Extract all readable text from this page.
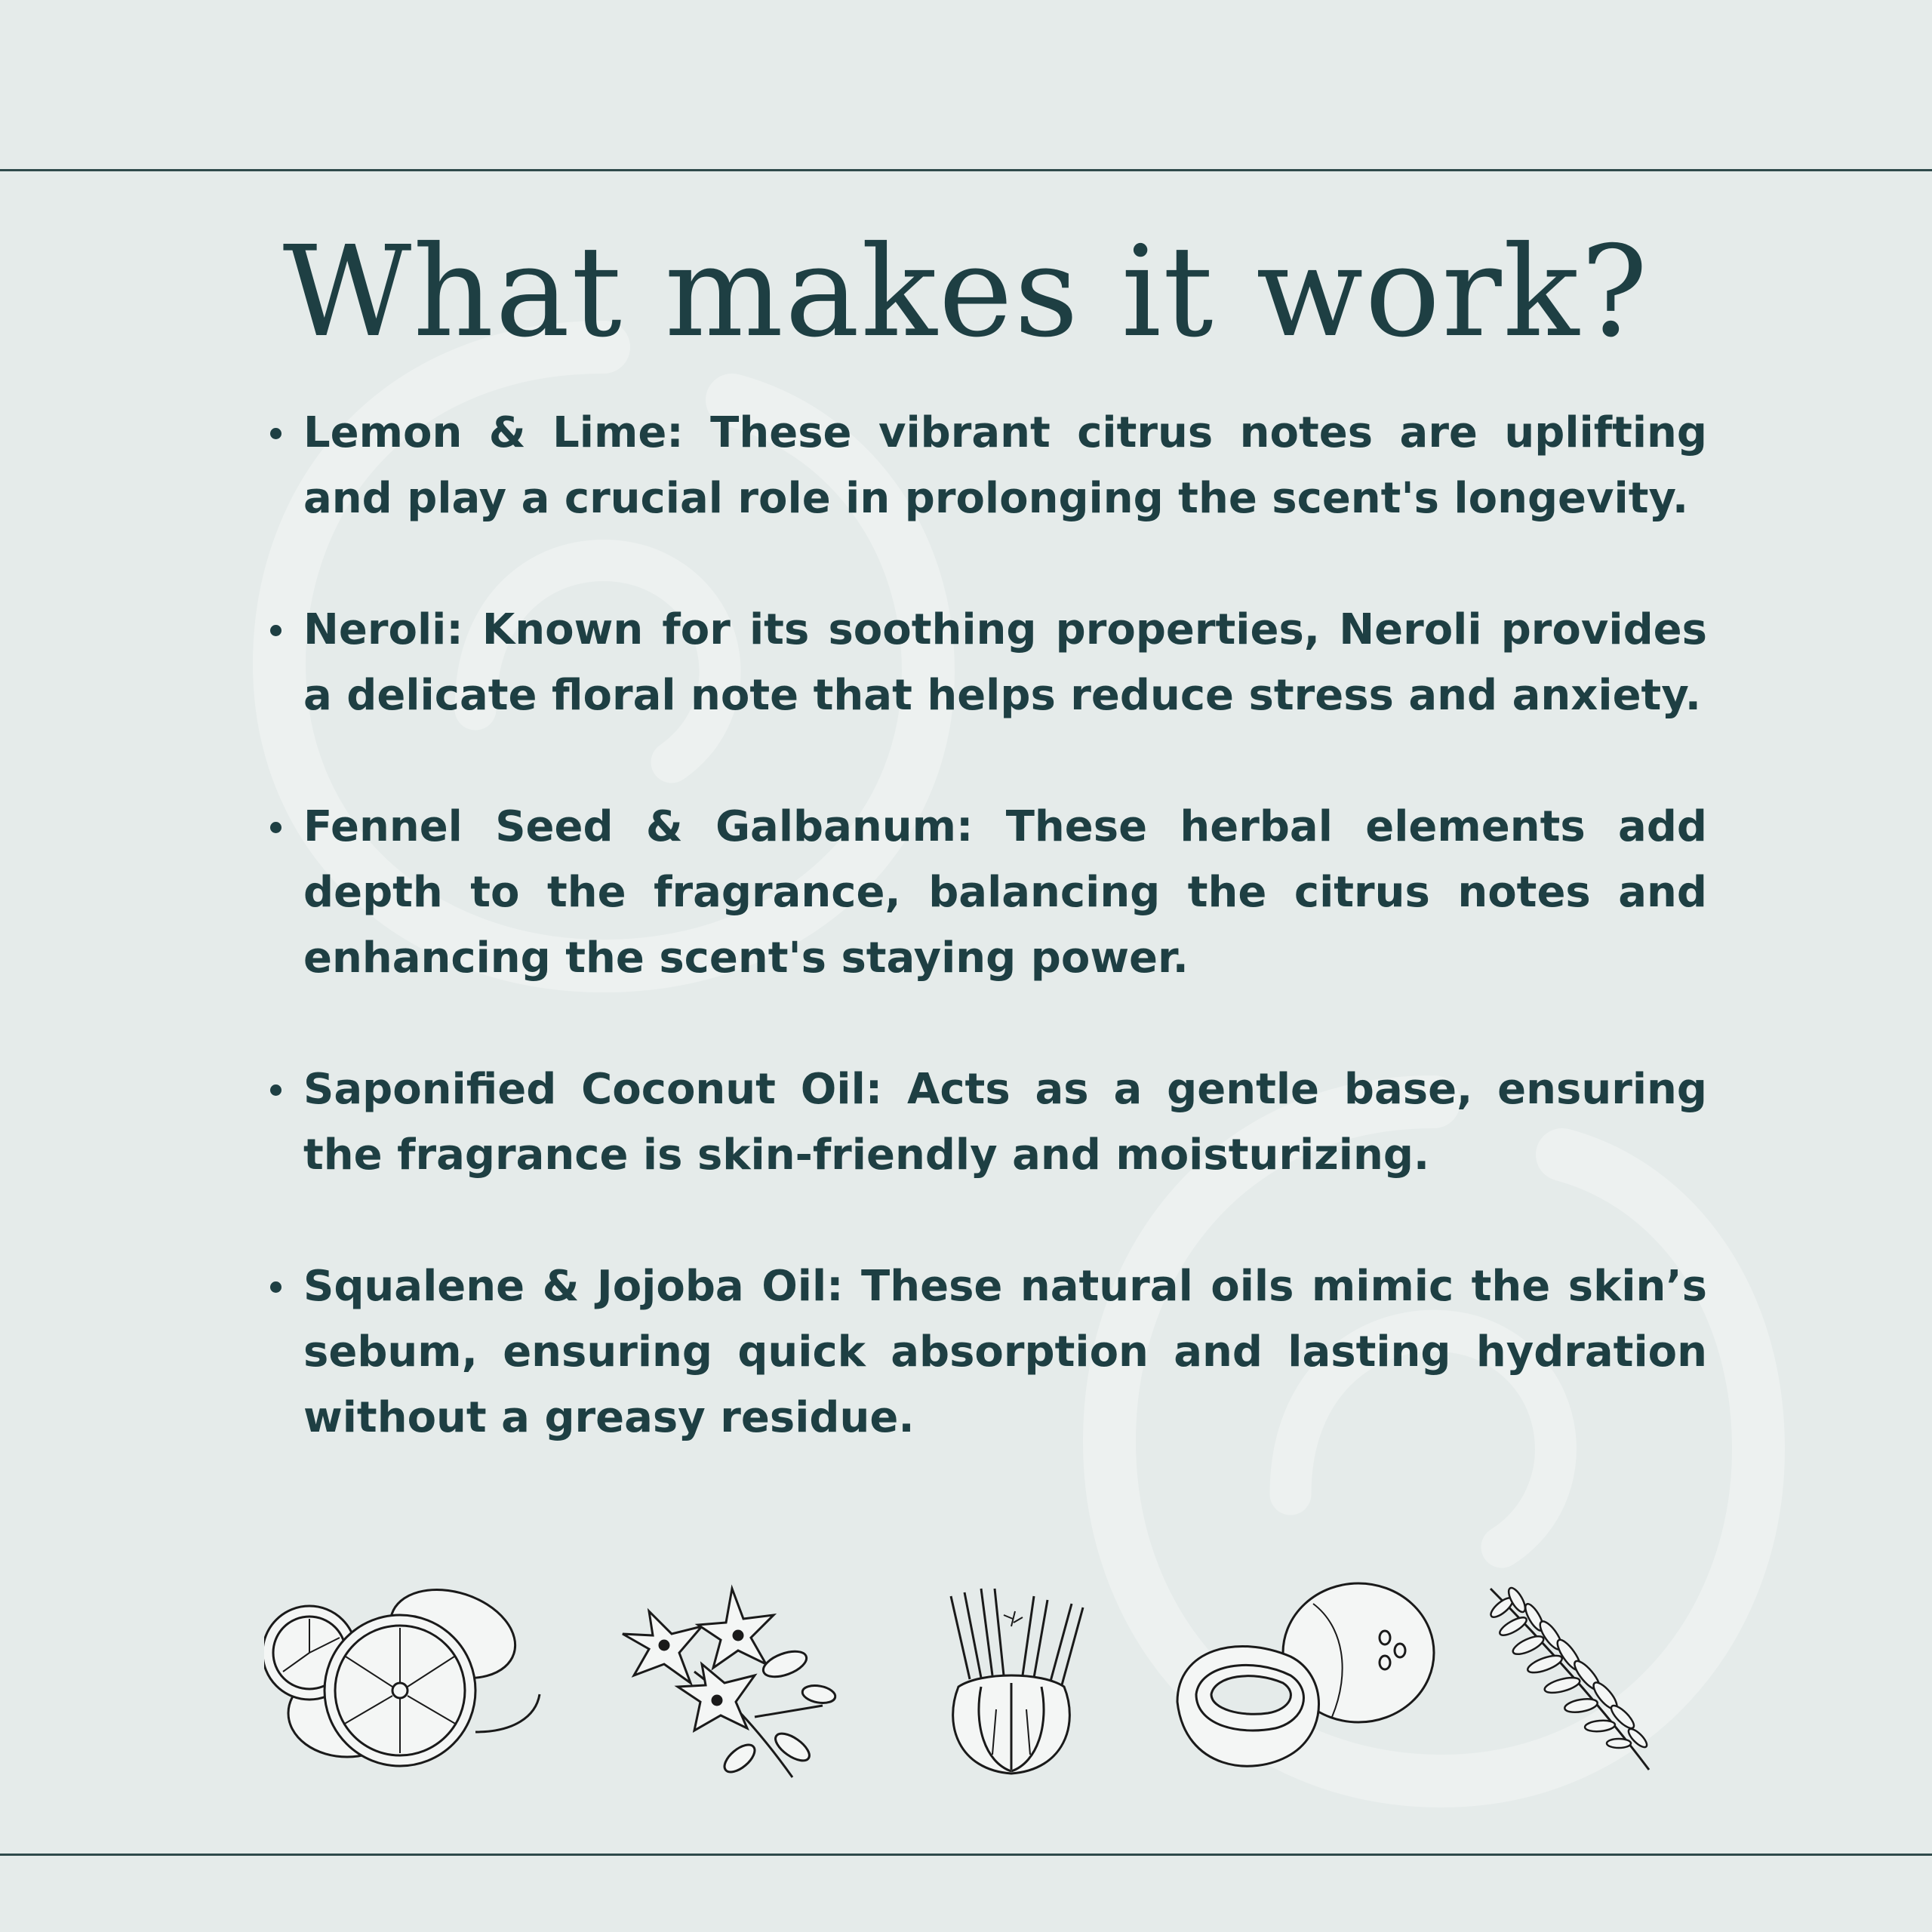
What makes it work?
Lemon & Lime: These vibrant citrus notes are uplifting and play a crucial role in prolonging the scent's longevity.
Neroli: Known for its soothing properties, Neroli provides a delicate floral note that helps reduce stress and anxiety.
Fennel Seed & Galbanum: These herbal elements add depth to the fragrance, balancing the citrus notes and enhancing the scent's staying power.
Saponified Coconut Oil: Acts as a gentle base, ensuring the fragrance is skin-friendly and moisturizing.
Squalene & Jojoba Oil: These natural oils mimic the skin’s sebum, ensuring quick absorption and lasting hydration without a greasy residue.
